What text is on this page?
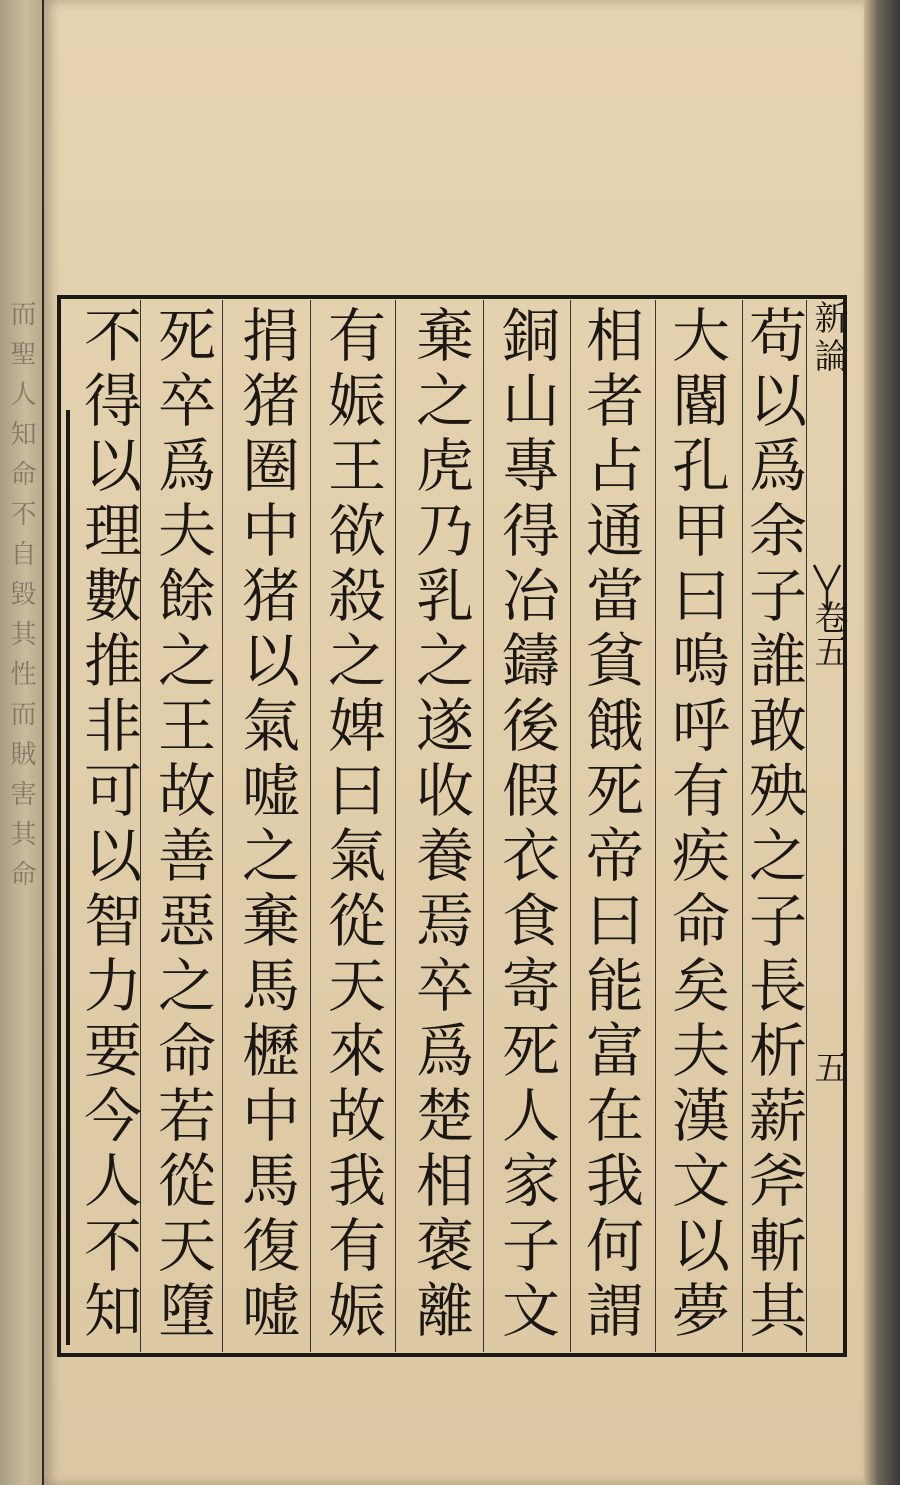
而聖人知命不自毀其性而賊害其命	新論
卷五
五
苟以爲余子誰敢殃之子長析薪斧斬其
大閽孔甲曰嗚呼有疾命矣夫漢文以夢
相者占通當貧餓死帝曰能富在我何謂
銅山專得冶鑄後假衣食寄死人家子文
棄之虎乃乳之遂收養焉卒爲楚相褒離
有娠王欲殺之婢曰氣從天來故我有娠
捐猪圈中猪以氣嘘之棄馬櫪中馬復嘘
死卒爲夫餘之王故善惡之命若從天墮
不得以理數推非可以智力要今人不知
